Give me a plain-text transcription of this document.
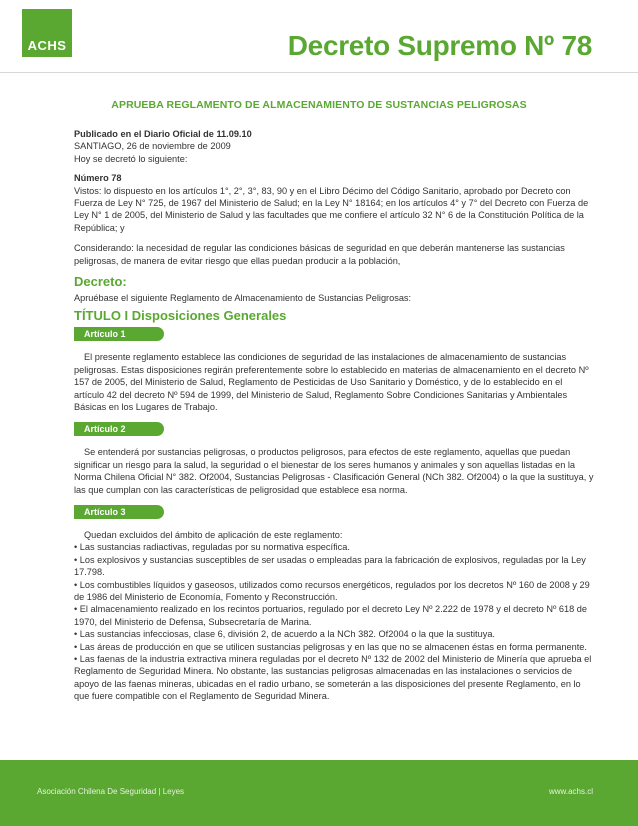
ACHS	Decreto Supremo Nº 78
APRUEBA REGLAMENTO DE ALMACENAMIENTO DE SUSTANCIAS PELIGROSAS

Publicado en el Diario Oficial de 11.09.10

SANTIAGO, 26 de noviembre de 2009

Hoy se decretó lo siguiente:

Número 78

Vistos: lo dispuesto en los artículos 1°, 2°, 3°, 83, 90 y en el Libro Décimo del Código Sanitario, aprobado por Decreto con Fuerza de Ley N° 725, de 1967 del Ministerio de Salud; en la Ley N° 18164; en los artículos 4° y 7° del Decreto con Fuerza de Ley N° 1 de 2005, del Ministerio de Salud y las facultades que me confiere el artículo 32 N° 6 de la Constitución Política de la República; y

Considerando: la necesidad de regular las condiciones básicas de seguridad en que deberán mantenerse las sustancias peligrosas, de manera de evitar riesgo que ellas puedan producir a la población,

Decreto:

Apruébase el siguiente Reglamento de Almacenamiento de Sustancias Peligrosas:

TÍTULO I Disposiciones Generales

Artículo 1

El presente reglamento establece las condiciones de seguridad de las instalaciones de almacenamiento de sustancias peligrosas. Estas disposiciones regirán preferentemente sobre lo establecido en materias de almacenamiento en el decreto Nº 157 de 2005, del Ministerio de Salud, Reglamento de Pesticidas de Uso Sanitario y Doméstico, y de lo establecido en el artículo 42 del decreto Nº 594 de 1999, del Ministerio de Salud, Reglamento Sobre Condiciones Sanitarias y Ambientales Básicas en los Lugares de Trabajo.

Artículo 2

Se entenderá por sustancias peligrosas, o productos peligrosos, para efectos de este reglamento, aquellas que puedan significar un riesgo para la salud, la seguridad o el bienestar de los seres humanos y animales y son aquellas listadas en la Norma Chilena Oficial N° 382. Of2004, Sustancias Peligrosas - Clasificación General (NCh 382. Of2004) o la que la sustituya, y las que cumplan con las características de peligrosidad que establece esa norma.

Artículo 3

Quedan excluidos del ámbito de aplicación de este reglamento:

• Las sustancias radiactivas, reguladas por su normativa específica.

• Los explosivos y sustancias susceptibles de ser usadas o empleadas para la fabricación de explosivos, reguladas por la Ley 17.798.

• Los combustibles líquidos y gaseosos, utilizados como recursos energéticos, regulados por los decretos Nº 160 de 2008 y 29 de 1986 del Ministerio de Economía, Fomento y Reconstrucción.

• El almacenamiento realizado en los recintos portuarios, regulado por el decreto Ley Nº 2.222 de 1978 y el decreto Nº 618 de 1970, del Ministerio de Defensa, Subsecretaría de Marina.

• Las sustancias infecciosas, clase 6, división 2, de acuerdo a la NCh 382. Of2004 o la que la sustituya.

• Las áreas de producción en que se utilicen sustancias peligrosas y en las que no se almacenen éstas en forma permanente.

• Las faenas de la industria extractiva minera reguladas por el decreto Nº 132 de 2002 del Ministerio de Minería que aprueba el Reglamento de Seguridad Minera. No obstante, las sustancias peligrosas almacenadas en las instalaciones o servicios de apoyo de las faenas mineras, ubicadas en el radio urbano, se someterán a las disposiciones del presente Reglamento, en lo que fuere compatible con el Reglamento de Seguridad Minera.

Asociación Chilena De Seguridad | Leyes	www.achs.cl
